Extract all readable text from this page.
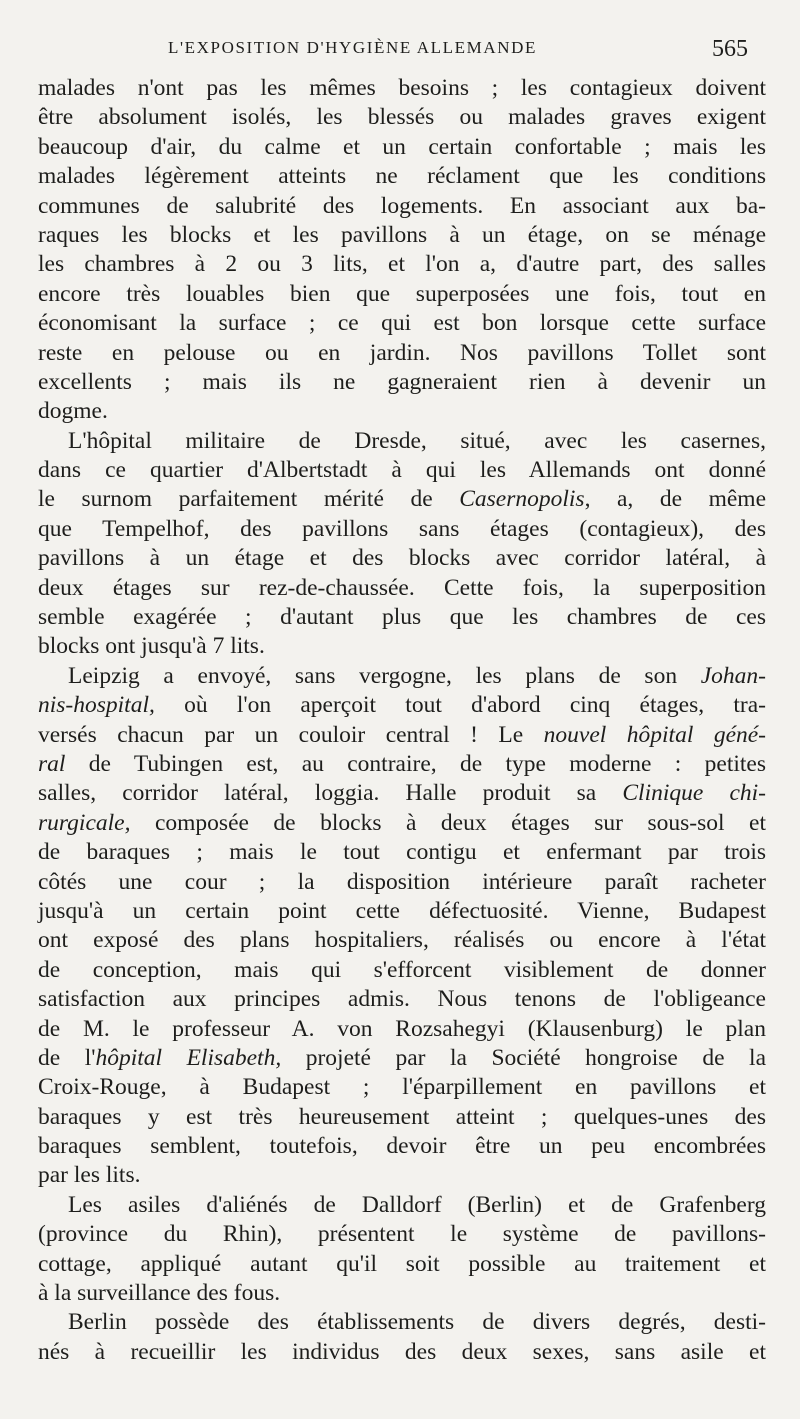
L'EXPOSITION D'HYGIÈNE ALLEMANDE	565
malades n'ont pas les mêmes besoins ; les contagieux doivent
être absolument isolés, les blessés ou malades graves exigent
beaucoup d'air, du calme et un certain confortable ; mais les
malades légèrement atteints ne réclament que les conditions
communes de salubrité des logements. En associant aux ba-
raques les blocks et les pavillons à un étage, on se ménage
les chambres à 2 ou 3 lits, et l'on a, d'autre part, des salles
encore très louables bien que superposées une fois, tout en
économisant la surface ; ce qui est bon lorsque cette surface
reste en pelouse ou en jardin. Nos pavillons Tollet sont
excellents ; mais ils ne gagneraient rien à devenir un
dogme.
L'hôpital militaire de Dresde, situé, avec les casernes,
dans ce quartier d'Albertstadt à qui les Allemands ont donné
le surnom parfaitement mérité de Casernopolis, a, de même
que Tempelhof, des pavillons sans étages (contagieux), des
pavillons à un étage et des blocks avec corridor latéral, à
deux étages sur rez-de-chaussée. Cette fois, la superposition
semble exagérée ; d'autant plus que les chambres de ces
blocks ont jusqu'à 7 lits.
Leipzig a envoyé, sans vergogne, les plans de son Johan-
nis-hospital, où l'on aperçoit tout d'abord cinq étages, tra-
versés chacun par un couloir central ! Le nouvel hôpital géné-
ral de Tubingen est, au contraire, de type moderne : petites
salles, corridor latéral, loggia. Halle produit sa Clinique chi-
rurgicale, composée de blocks à deux étages sur sous-sol et
de baraques ; mais le tout contigu et enfermant par trois
côtés une cour ; la disposition intérieure paraît racheter
jusqu'à un certain point cette défectuosité. Vienne, Budapest
ont exposé des plans hospitaliers, réalisés ou encore à l'état
de conception, mais qui s'efforcent visiblement de donner
satisfaction aux principes admis. Nous tenons de l'obligeance
de M. le professeur A. von Rozsahegyi (Klausenburg) le plan
de l'hôpital Elisabeth, projeté par la Société hongroise de la
Croix-Rouge, à Budapest ; l'éparpillement en pavillons et
baraques y est très heureusement atteint ; quelques-unes des
baraques semblent, toutefois, devoir être un peu encombrées
par les lits.
Les asiles d'aliénés de Dalldorf (Berlin) et de Grafenberg
(province du Rhin), présentent le système de pavillons-
cottage, appliqué autant qu'il soit possible au traitement et
à la surveillance des fous.
Berlin possède des établissements de divers degrés, desti-
nés à recueillir les individus des deux sexes, sans asile et
